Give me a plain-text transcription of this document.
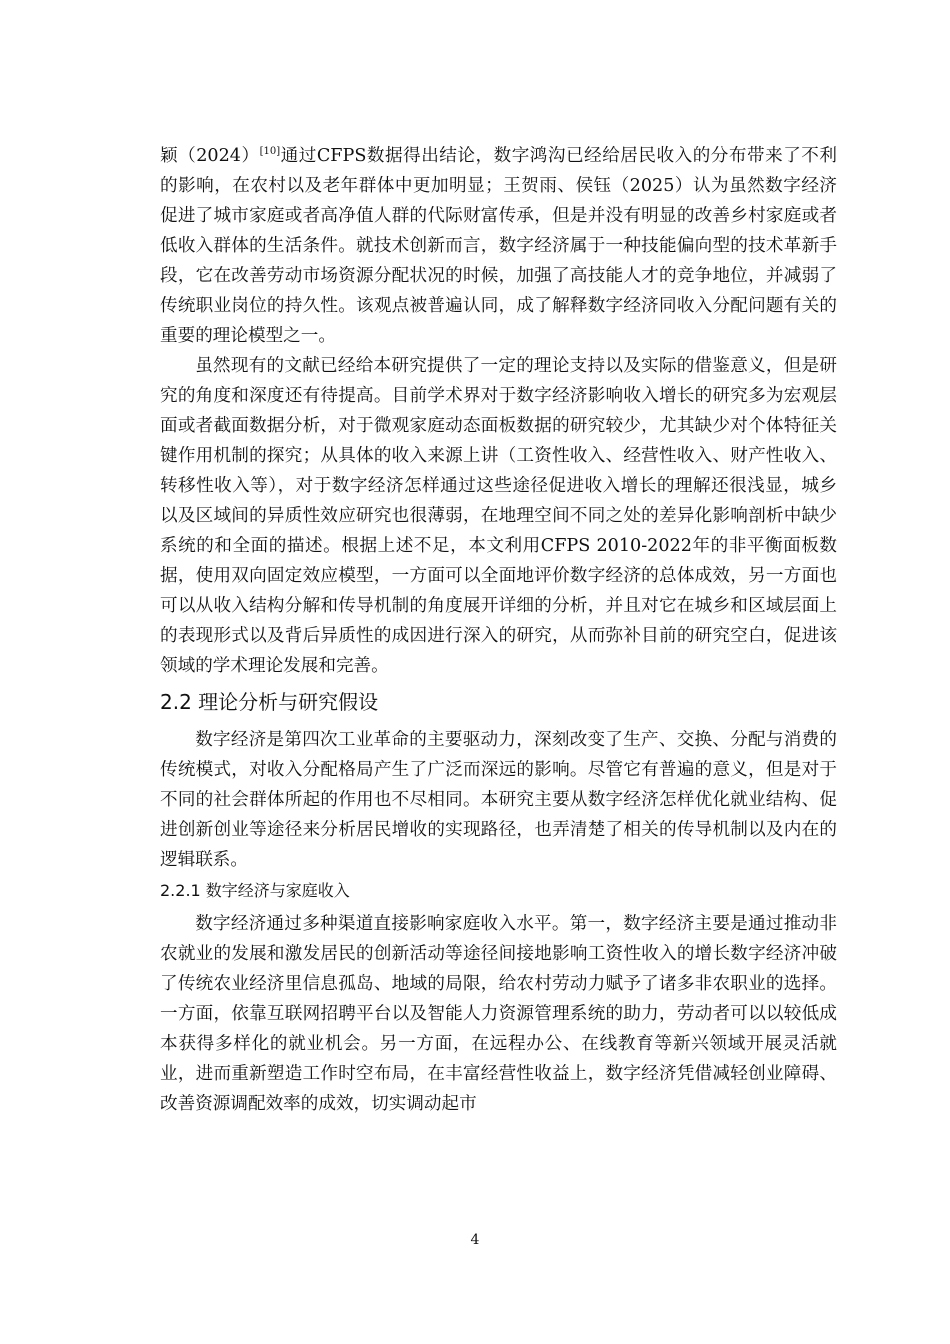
颖（2024）[10]通过CFPS数据得出结论，数字鸿沟已经给居民收入的分布带来了不利的影响，在农村以及老年群体中更加明显；王贺雨、侯钰（2025）认为虽然数字经济促进了城市家庭或者高净值人群的代际财富传承，但是并没有明显的改善乡村家庭或者低收入群体的生活条件。就技术创新而言，数字经济属于一种技能偏向型的技术革新手段，它在改善劳动市场资源分配状况的时候，加强了高技能人才的竞争地位，并减弱了传统职业岗位的持久性。该观点被普遍认同，成了解释数字经济同收入分配问题有关的重要的理论模型之一。

虽然现有的文献已经给本研究提供了一定的理论支持以及实际的借鉴意义，但是研究的角度和深度还有待提高。目前学术界对于数字经济影响收入增长的研究多为宏观层面或者截面数据分析，对于微观家庭动态面板数据的研究较少，尤其缺少对个体特征关键作用机制的探究；从具体的收入来源上讲（工资性收入、经营性收入、财产性收入、转移性收入等），对于数字经济怎样通过这些途径促进收入增长的理解还很浅显，城乡以及区域间的异质性效应研究也很薄弱，在地理空间不同之处的差异化影响剖析中缺少系统的和全面的描述。根据上述不足，本文利用CFPS 2010-2022年的非平衡面板数据，使用双向固定效应模型，一方面可以全面地评价数字经济的总体成效，另一方面也可以从收入结构分解和传导机制的角度展开详细的分析，并且对它在城乡和区域层面上的表现形式以及背后异质性的成因进行深入的研究，从而弥补目前的研究空白，促进该领域的学术理论发展和完善。

2.2 理论分析与研究假设

数字经济是第四次工业革命的主要驱动力，深刻改变了生产、交换、分配与消费的传统模式，对收入分配格局产生了广泛而深远的影响。尽管它有普遍的意义，但是对于不同的社会群体所起的作用也不尽相同。本研究主要从数字经济怎样优化就业结构、促进创新创业等途径来分析居民增收的实现路径，也弄清楚了相关的传导机制以及内在的逻辑联系。

2.2.1 数字经济与家庭收入

数字经济通过多种渠道直接影响家庭收入水平。第一，数字经济主要是通过推动非农就业的发展和激发居民的创新活动等途径间接地影响工资性收入的增长数字经济冲破了传统农业经济里信息孤岛、地域的局限，给农村劳动力赋予了诸多非农职业的选择。一方面，依靠互联网招聘平台以及智能人力资源管理系统的助力，劳动者可以以较低成本获得多样化的就业机会。另一方面，在远程办公、在线教育等新兴领域开展灵活就业，进而重新塑造工作时空布局，在丰富经营性收益上，数字经济凭借减轻创业障碍、改善资源调配效率的成效，切实调动起市

4
